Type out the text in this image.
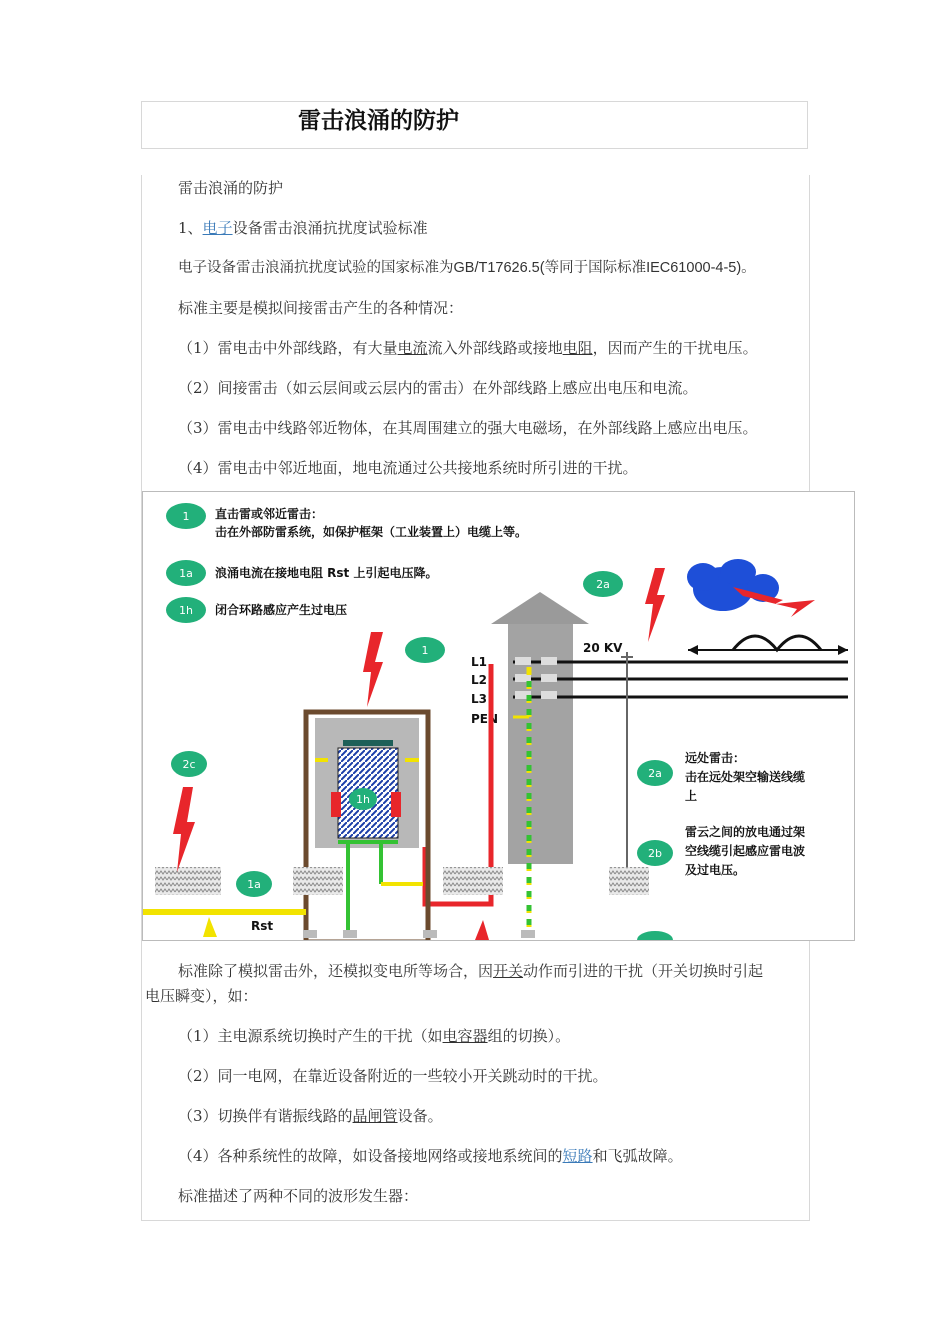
雷击浪涌的防护
雷击浪涌的防护
1、电子设备雷击浪涌抗扰度试验标准
电子设备雷击浪涌抗扰度试验的国家标准为GB/T17626.5(等同于国际标准IEC61000-4-5)。
标准主要是模拟间接雷击产生的各种情况：
（1）雷电击中外部线路，有大量电流流入外部线路或接地电阻，因而产生的干扰电压。
（2）间接雷击（如云层间或云层内的雷击）在外部线路上感应出电压和电流。
（3）雷电击中线路邻近物体，在其周围建立的强大电磁场，在外部线路上感应出电压。
（4）雷电击中邻近地面，地电流通过公共接地系统时所引进的干扰。
1 直击雷或邻近雷击：
击在外部防雷系统，如保护框架（工业装置上）电缆上等。
1a 浪涌电流在接地电阻 Rst 上引起电压降。
1h 闭合环路感应产生过电压
2a
20 KV
L1
L2
L3
PEN
1
1h
2c
1a
Rst
2a
远处雷击：
击在远处架空输送线缆
上
2b
雷云之间的放电通过架
空线缆引起感应雷电波
及过电压。
标准除了模拟雷击外，还模拟变电所等场合，因开关动作而引进的干扰（开关切换时引起
电压瞬变），如：
（1）主电源系统切换时产生的干扰（如电容器组的切换）。
（2）同一电网，在靠近设备附近的一些较小开关跳动时的干扰。
（3）切换伴有谐振线路的晶闸管设备。
（4）各种系统性的故障，如设备接地网络或接地系统间的短路和飞弧故障。
标准描述了两种不同的波形发生器：
